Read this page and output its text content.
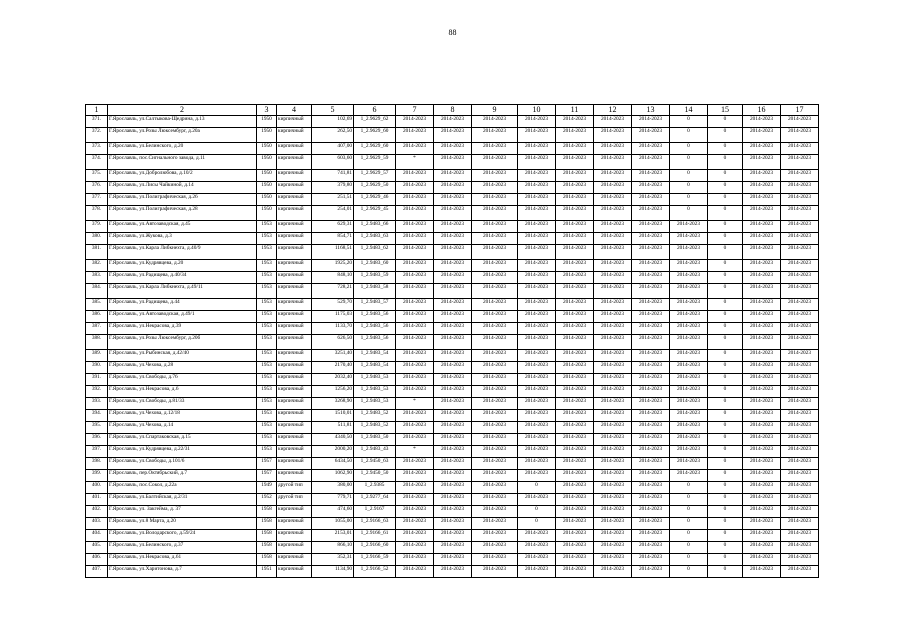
88
1	2	3	4	5	6	7	8	9	10	11	12	13	14	15	16	17
371.	Г.Ярославль, ул.Салтыкова-Щедрина, д.13	1950	кирпичный	102,69	1_2.9629_62	2014-2023	2014-2023	2014-2023	2014-2023	2014-2023	2014-2023	2014-2023	0	0	2014-2023	2014-2023
372.	Г.Ярославль, ул.Розы Люксембург, д.20а	1950	кирпичный	262,50	1_2.9629_60	2014-2023	2014-2023	2014-2023	2014-2023	2014-2023	2014-2023	2014-2023	0	0	2014-2023	2014-2023
373.	Г.Ярославль, ул.Белинского, д.20	1950	кирпичный	407,00	1_2.9629_60	2014-2023	2014-2023	2014-2023	2014-2023	2014-2023	2014-2023	2014-2023	0	0	2014-2023	2014-2023
374.	Г.Ярославль, пос.Сигнального завода, д.11	1950	кирпичный	603,60	1_2.9629_59	*	2014-2023	2014-2023	2014-2023	2014-2023	2014-2023	2014-2023	0	0	2014-2023	2014-2023
375.	Г.Ярославль, ул.Добролюбова, д.10/2	1950	кирпичный	741,81	1_2.9629_57	2014-2023	2014-2023	2014-2023	2014-2023	2014-2023	2014-2023	2014-2023	0	0	2014-2023	2014-2023
376.	Г.Ярославль, ул.Лисы Чайкиной, д.14	1950	кирпичный	379,80	1_2.9629_50	2014-2023	2014-2023	2014-2023	2014-2023	2014-2023	2014-2023	2014-2023	0	0	2014-2023	2014-2023
377.	Г.Ярославль, ул.Полиграфическая, д.26	1950	кирпичный	251,51	1_2.9629_46	2014-2023	2014-2023	2014-2023	2014-2023	2014-2023	2014-2023	2014-2023	0	0	2014-2023	2014-2023
378.	Г.Ярославль, ул.Полиграфическая, д.28	1950	кирпичный	254,01	1_2.9629_45	2014-2023	2014-2023	2014-2023	2014-2023	2014-2023	2014-2023	2014-2023	0	0	2014-2023	2014-2023
379.	Г.Ярославль, ул.Автозаводская, д.45	1953	кирпичный	629,31	1_2.9483_66	2014-2023	2014-2023	2014-2023	2014-2023	2014-2023	2014-2023	2014-2023	2014-2023	0	2014-2023	2014-2023
380.	Г.Ярославль, ул.Жукова, д.3	1953	кирпичный	854,71	1_2.9483_63	2014-2023	2014-2023	2014-2023	2014-2023	2014-2023	2014-2023	2014-2023	2014-2023	0	2014-2023	2014-2023
381.	Г.Ярославль, ул.Карла Либкнехта, д.40/9	1953	кирпичный	1168,51	1_2.9483_62	2014-2023	2014-2023	2014-2023	2014-2023	2014-2023	2014-2023	2014-2023	2014-2023	0	2014-2023	2014-2023
382.	Г.Ярославль, ул.Кудрявцева, д.20	1953	кирпичный	1925,20	1_2.9483_60	2014-2023	2014-2023	2014-2023	2014-2023	2014-2023	2014-2023	2014-2023	2014-2023	0	2014-2023	2014-2023
383.	Г.Ярославль, ул.Радищева, д.40/34	1953	кирпичный	848,10	1_2.9483_59	2014-2023	2014-2023	2014-2023	2014-2023	2014-2023	2014-2023	2014-2023	2014-2023	0	2014-2023	2014-2023
384.	Г.Ярославль, ул.Карла Либкнехта, д.49/11	1953	кирпичный	728,21	1_2.9483_58	2014-2023	2014-2023	2014-2023	2014-2023	2014-2023	2014-2023	2014-2023	2014-2023	0	2014-2023	2014-2023
385.	Г.Ярославль, ул.Радищева, д.44	1953	кирпичный	529,70	1_2.9483_57	2014-2023	2014-2023	2014-2023	2014-2023	2014-2023	2014-2023	2014-2023	2014-2023	0	2014-2023	2014-2023
386.	Г.Ярославль, ул.Автозаводская, д.49/1	1953	кирпичный	1175,03	1_2.9483_56	2014-2023	2014-2023	2014-2023	2014-2023	2014-2023	2014-2023	2014-2023	2014-2023	0	2014-2023	2014-2023
387.	Г.Ярославль, ул.Некрасова, д.39	1953	кирпичный	1133,70	1_2.9483_56	2014-2023	2014-2023	2014-2023	2014-2023	2014-2023	2014-2023	2014-2023	2014-2023	0	2014-2023	2014-2023
388.	Г.Ярославль, ул.Розы Люксембург, д.20б	1953	кирпичный	626,50	1_2.9483_56	2014-2023	2014-2023	2014-2023	2014-2023	2014-2023	2014-2023	2014-2023	2014-2023	0	2014-2023	2014-2023
389.	Г.Ярославль, ул.Рыбинская, д.42/40	1953	кирпичный	3251,40	1_2.9483_54	2014-2023	2014-2023	2014-2023	2014-2023	2014-2023	2014-2023	2014-2023	2014-2023	0	2014-2023	2014-2023
390.	Г.Ярославль, ул.Чехова, д.28	1953	кирпичный	2170,40	1_2.9483_54	2014-2023	2014-2023	2014-2023	2014-2023	2014-2023	2014-2023	2014-2023	2014-2023	0	2014-2023	2014-2023
391.	Г.Ярославль, ул.Свободы, д.76	1953	кирпичный	2032,40	1_2.9483_53	2014-2023	2014-2023	2014-2023	2014-2023	2014-2023	2014-2023	2014-2023	2014-2023	0	2014-2023	2014-2023
392.	Г.Ярославль, ул.Некрасова, д.6	1953	кирпичный	1256,20	1_2.9483_53	2014-2023	2014-2023	2014-2023	2014-2023	2014-2023	2014-2023	2014-2023	2014-2023	0	2014-2023	2014-2023
393.	Г.Ярославль, ул.Свободы, д.81/33	1953	кирпичный	3268,90	1_2.9483_53	*	2014-2023	2014-2023	2014-2023	2014-2023	2014-2023	2014-2023	2014-2023	0	2014-2023	2014-2023
394.	Г.Ярославль, ул.Чехова, д.12/18	1953	кирпичный	1510,01	1_2.9483_52	2014-2023	2014-2023	2014-2023	2014-2023	2014-2023	2014-2023	2014-2023	2014-2023	0	2014-2023	2014-2023
395.	Г.Ярославль, ул.Чехова, д.14	1953	кирпичный	511,81	1_2.9483_52	2014-2023	2014-2023	2014-2023	2014-2023	2014-2023	2014-2023	2014-2023	2014-2023	0	2014-2023	2014-2023
396.	Г.Ярославль, ул.Спартаковская, д.15	1953	кирпичный	4340,50	1_2.9483_50	2014-2023	2014-2023	2014-2023	2014-2023	2014-2023	2014-2023	2014-2023	2014-2023	0	2014-2023	2014-2023
397.	Г.Ярославль, ул.Кудрявцева, д.22/31	1953	кирпичный	2000,20	1_2.9483_43	*	2014-2023	2014-2023	2014-2023	2014-2023	2014-2023	2014-2023	2014-2023	0	2014-2023	2014-2023
398.	Г.Ярославль, ул.Свободы, д.101/6	1957	кирпичный	6434,50	1_2.9450_63	2014-2023	2014-2023	2014-2023	2014-2023	2014-2023	2014-2023	2014-2023	2014-2023	0	2014-2023	2014-2023
399.	Г.Ярославль, пер.Октябрьский, д.7	1957	кирпичный	1062,90	1_2.9450_50	2014-2023	2014-2023	2014-2023	2014-2023	2014-2023	2014-2023	2014-2023	2014-2023	0	2014-2023	2014-2023
400.	Г.Ярославль, пос.Сокол, д.22а	1949	другой тип	380,00	1_2.9385	2014-2023	2014-2023	2014-2023	0	2014-2023	2014-2023	2014-2023	0	0	2014-2023	2014-2023
401.	Г.Ярославль, ул.Балтийская, д.2/31	1952	другой тип	779,71	1_2.9277_64	2014-2023	2014-2023	2014-2023	2014-2023	2014-2023	2014-2023	2014-2023	0	0	2014-2023	2014-2023
402.	Г.Ярославль, ул. Закгейма, д. 37	1958	кирпичный	474,60	1_2.9167	2014-2023	2014-2023	2014-2023	0	2014-2023	2014-2023	2014-2023	0	0	2014-2023	2014-2023
403.	Г.Ярославль, ул.8 Марта, д.20	1958	кирпичный	1055,00	1_2.9166_63	2014-2023	2014-2023	2014-2023	0	2014-2023	2014-2023	2014-2023	0	0	2014-2023	2014-2023
404.	Г.Ярославль, ул.Володарского, д.59/24	1958	кирпичный	2153,01	1_2.9166_61	2014-2023	2014-2023	2014-2023	2014-2023	2014-2023	2014-2023	2014-2023	0	0	2014-2023	2014-2023
405.	Г.Ярославль, ул.Белинского, д.37	1958	кирпичный	866,10	1_2.9166_60	2014-2023	2014-2023	2014-2023	2014-2023	2014-2023	2014-2023	2014-2023	0	0	2014-2023	2014-2023
406.	Г.Ярославль, ул.Некрасова, д.61	1958	кирпичный	352,31	1_2.9166_59	2014-2023	2014-2023	2014-2023	2014-2023	2014-2023	2014-2023	2014-2023	0	0	2014-2023	2014-2023
407.	Г.Ярославль, ул.Харитонова, д.7	1951	кирпичный	1134,90	1_2.9166_52	2014-2023	2014-2023	2014-2023	2014-2023	2014-2023	2014-2023	2014-2023	0	0	2014-2023	2014-2023
